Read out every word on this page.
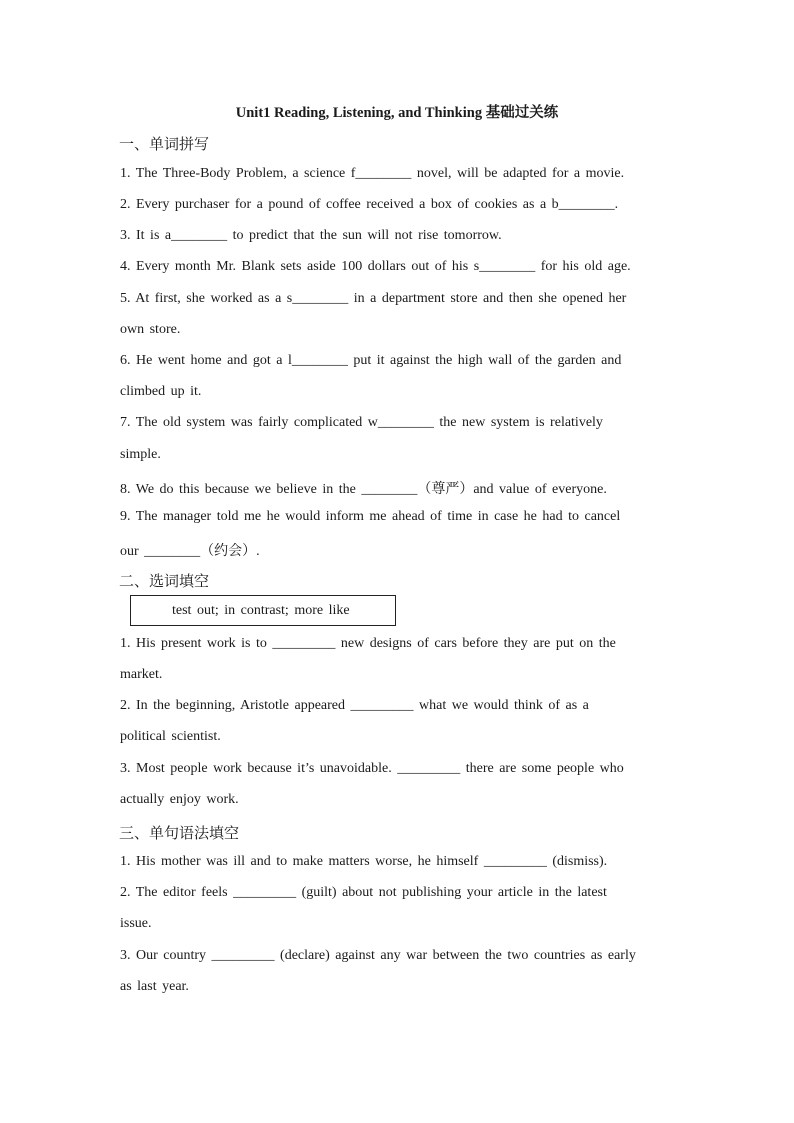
Unit1 Reading, Listening, and Thinking 基础过关练
一、单词拼写
1. The Three-Body Problem, a science f________ novel, will be adapted for a movie.
2. Every purchaser for a pound of coffee received a box of cookies as a b________.
3. It is a________ to predict that the sun will not rise tomorrow.
4. Every month Mr. Blank sets aside 100 dollars out of his s________ for his old age.
5. At first, she worked as a s________ in a department store and then she opened her
own store.
6. He went home and got a l________ put it against the high wall of the garden and
climbed up it.
7. The old system was fairly complicated w________ the new system is relatively
simple.
8. We do this because we believe in the ________（尊严）and value of everyone.
9. The manager told me he would inform me ahead of time in case he had to cancel
our ________（约会）.
二、选词填空
test out; in contrast; more like
1. His present work is to _________ new designs of cars before they are put on the
market.
2. In the beginning, Aristotle appeared _________ what we would think of as a
political scientist.
3. Most people work because it’s unavoidable. _________ there are some people who
actually enjoy work.
三、单句语法填空
1. His mother was ill and to make matters worse, he himself _________ (dismiss).
2. The editor feels _________ (guilt) about not publishing your article in the latest
issue.
3. Our country _________ (declare) against any war between the two countries as early
as last year.
